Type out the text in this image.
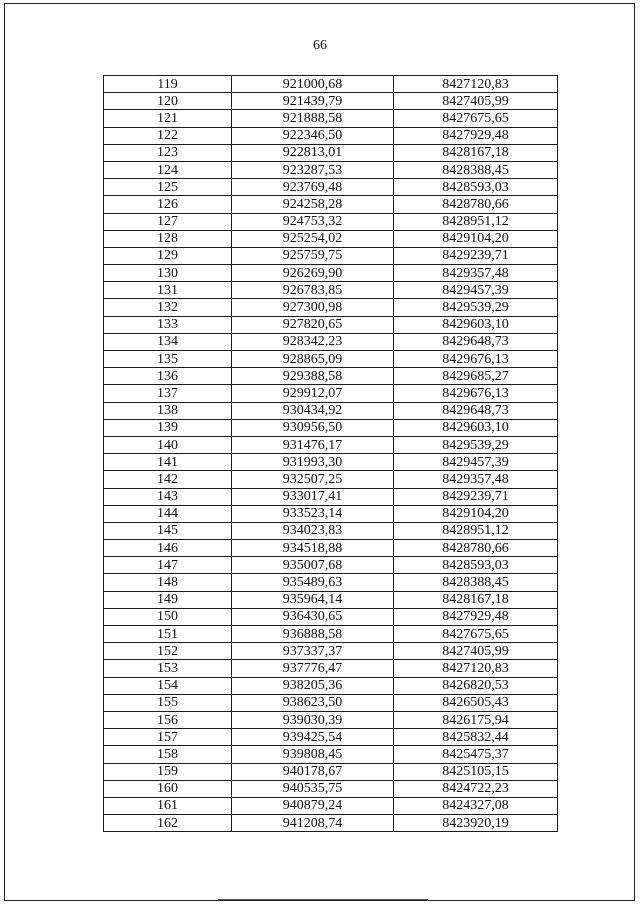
66
119	921000,68	8427120,83
120	921439,79	8427405,99
121	921888,58	8427675,65
122	922346,50	8427929,48
123	922813,01	8428167,18
124	923287,53	8428388,45
125	923769,48	8428593,03
126	924258,28	8428780,66
127	924753,32	8428951,12
128	925254,02	8429104,20
129	925759,75	8429239,71
130	926269,90	8429357,48
131	926783,85	8429457,39
132	927300,98	8429539,29
133	927820,65	8429603,10
134	928342,23	8429648,73
135	928865,09	8429676,13
136	929388,58	8429685,27
137	929912,07	8429676,13
138	930434,92	8429648,73
139	930956,50	8429603,10
140	931476,17	8429539,29
141	931993,30	8429457,39
142	932507,25	8429357,48
143	933017,41	8429239,71
144	933523,14	8429104,20
145	934023,83	8428951,12
146	934518,88	8428780,66
147	935007,68	8428593,03
148	935489,63	8428388,45
149	935964,14	8428167,18
150	936430,65	8427929,48
151	936888,58	8427675,65
152	937337,37	8427405,99
153	937776,47	8427120,83
154	938205,36	8426820,53
155	938623,50	8426505,43
156	939030,39	8426175,94
157	939425,54	8425832,44
158	939808,45	8425475,37
159	940178,67	8425105,15
160	940535,75	8424722,23
161	940879,24	8424327,08
162	941208,74	8423920,19
